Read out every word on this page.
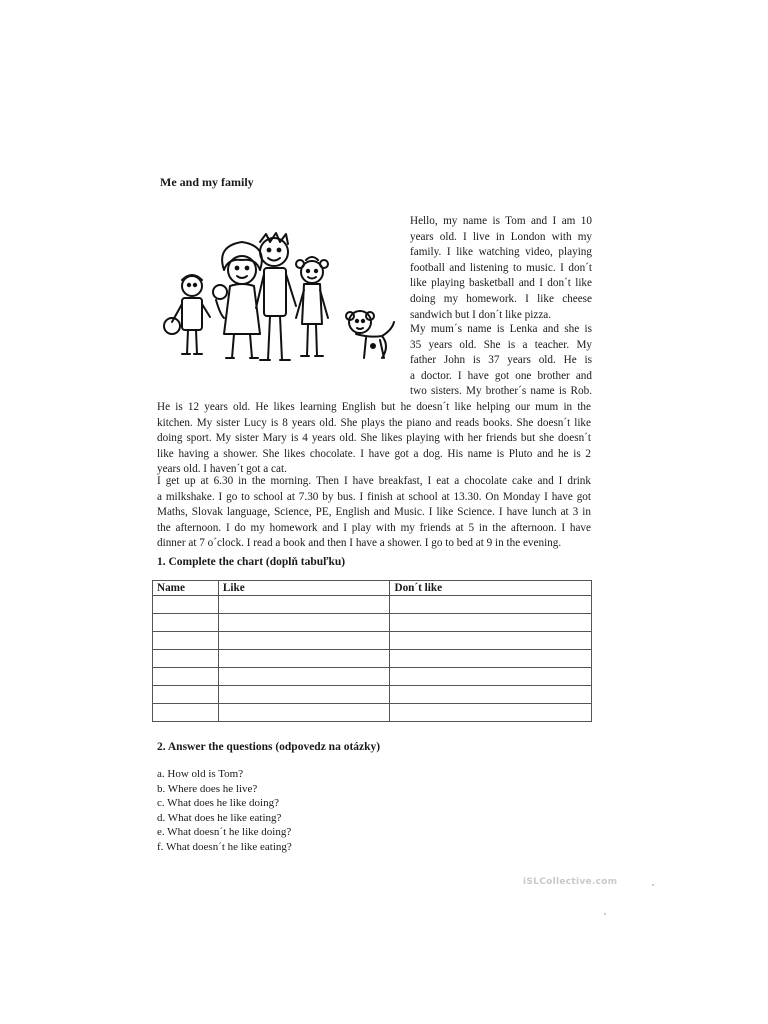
Me and my family
Hello, my name is Tom and I am 10
years old. I live in London with my
family. I like watching video, playing
football and listening to music. I don´t
like playing basketball and I don´t like
doing my homework. I like cheese
sandwich but I don´t like pizza.
My mum´s name is Lenka and she is
35 years old. She is a teacher. My
father John is 37 years old. He is
a doctor. I have got one brother and
two sisters. My brother´s name is Rob.
He is 12 years old. He likes learning English but he doesn´t like helping our mum in the
kitchen. My sister Lucy is 8 years old. She plays the piano and reads books. She doesn´t like
doing sport. My sister Mary is 4 years old. She likes playing with her friends but she doesn´t
like having a shower. She likes chocolate. I have got a dog. His name is Pluto and he is 2
years old. I haven´t got a cat.
I get up at 6.30 in the morning. Then I have breakfast, I eat a chocolate cake and I drink
a milkshake. I go to school at 7.30 by bus. I finish at school at 13.30. On Monday I have got
Maths, Slovak language, Science, PE, English and Music. I like Science. I have lunch at 3 in
the afternoon. I do my homework and I play with my friends at 5 in the afternoon. I have
dinner at 7 o´clock. I read a book and then I have a shower. I go to bed at 9 in the evening.
1. Complete the chart (doplň tabuľku)
Name	Like	Don´t like

2. Answer the questions (odpovedz na otázky)
a. How old is Tom?
b. Where does he live?
c. What does he like doing?
d. What does he like eating?
e. What doesn´t he like doing?
f. What doesn´t he like eating?
iSLCollective.com
